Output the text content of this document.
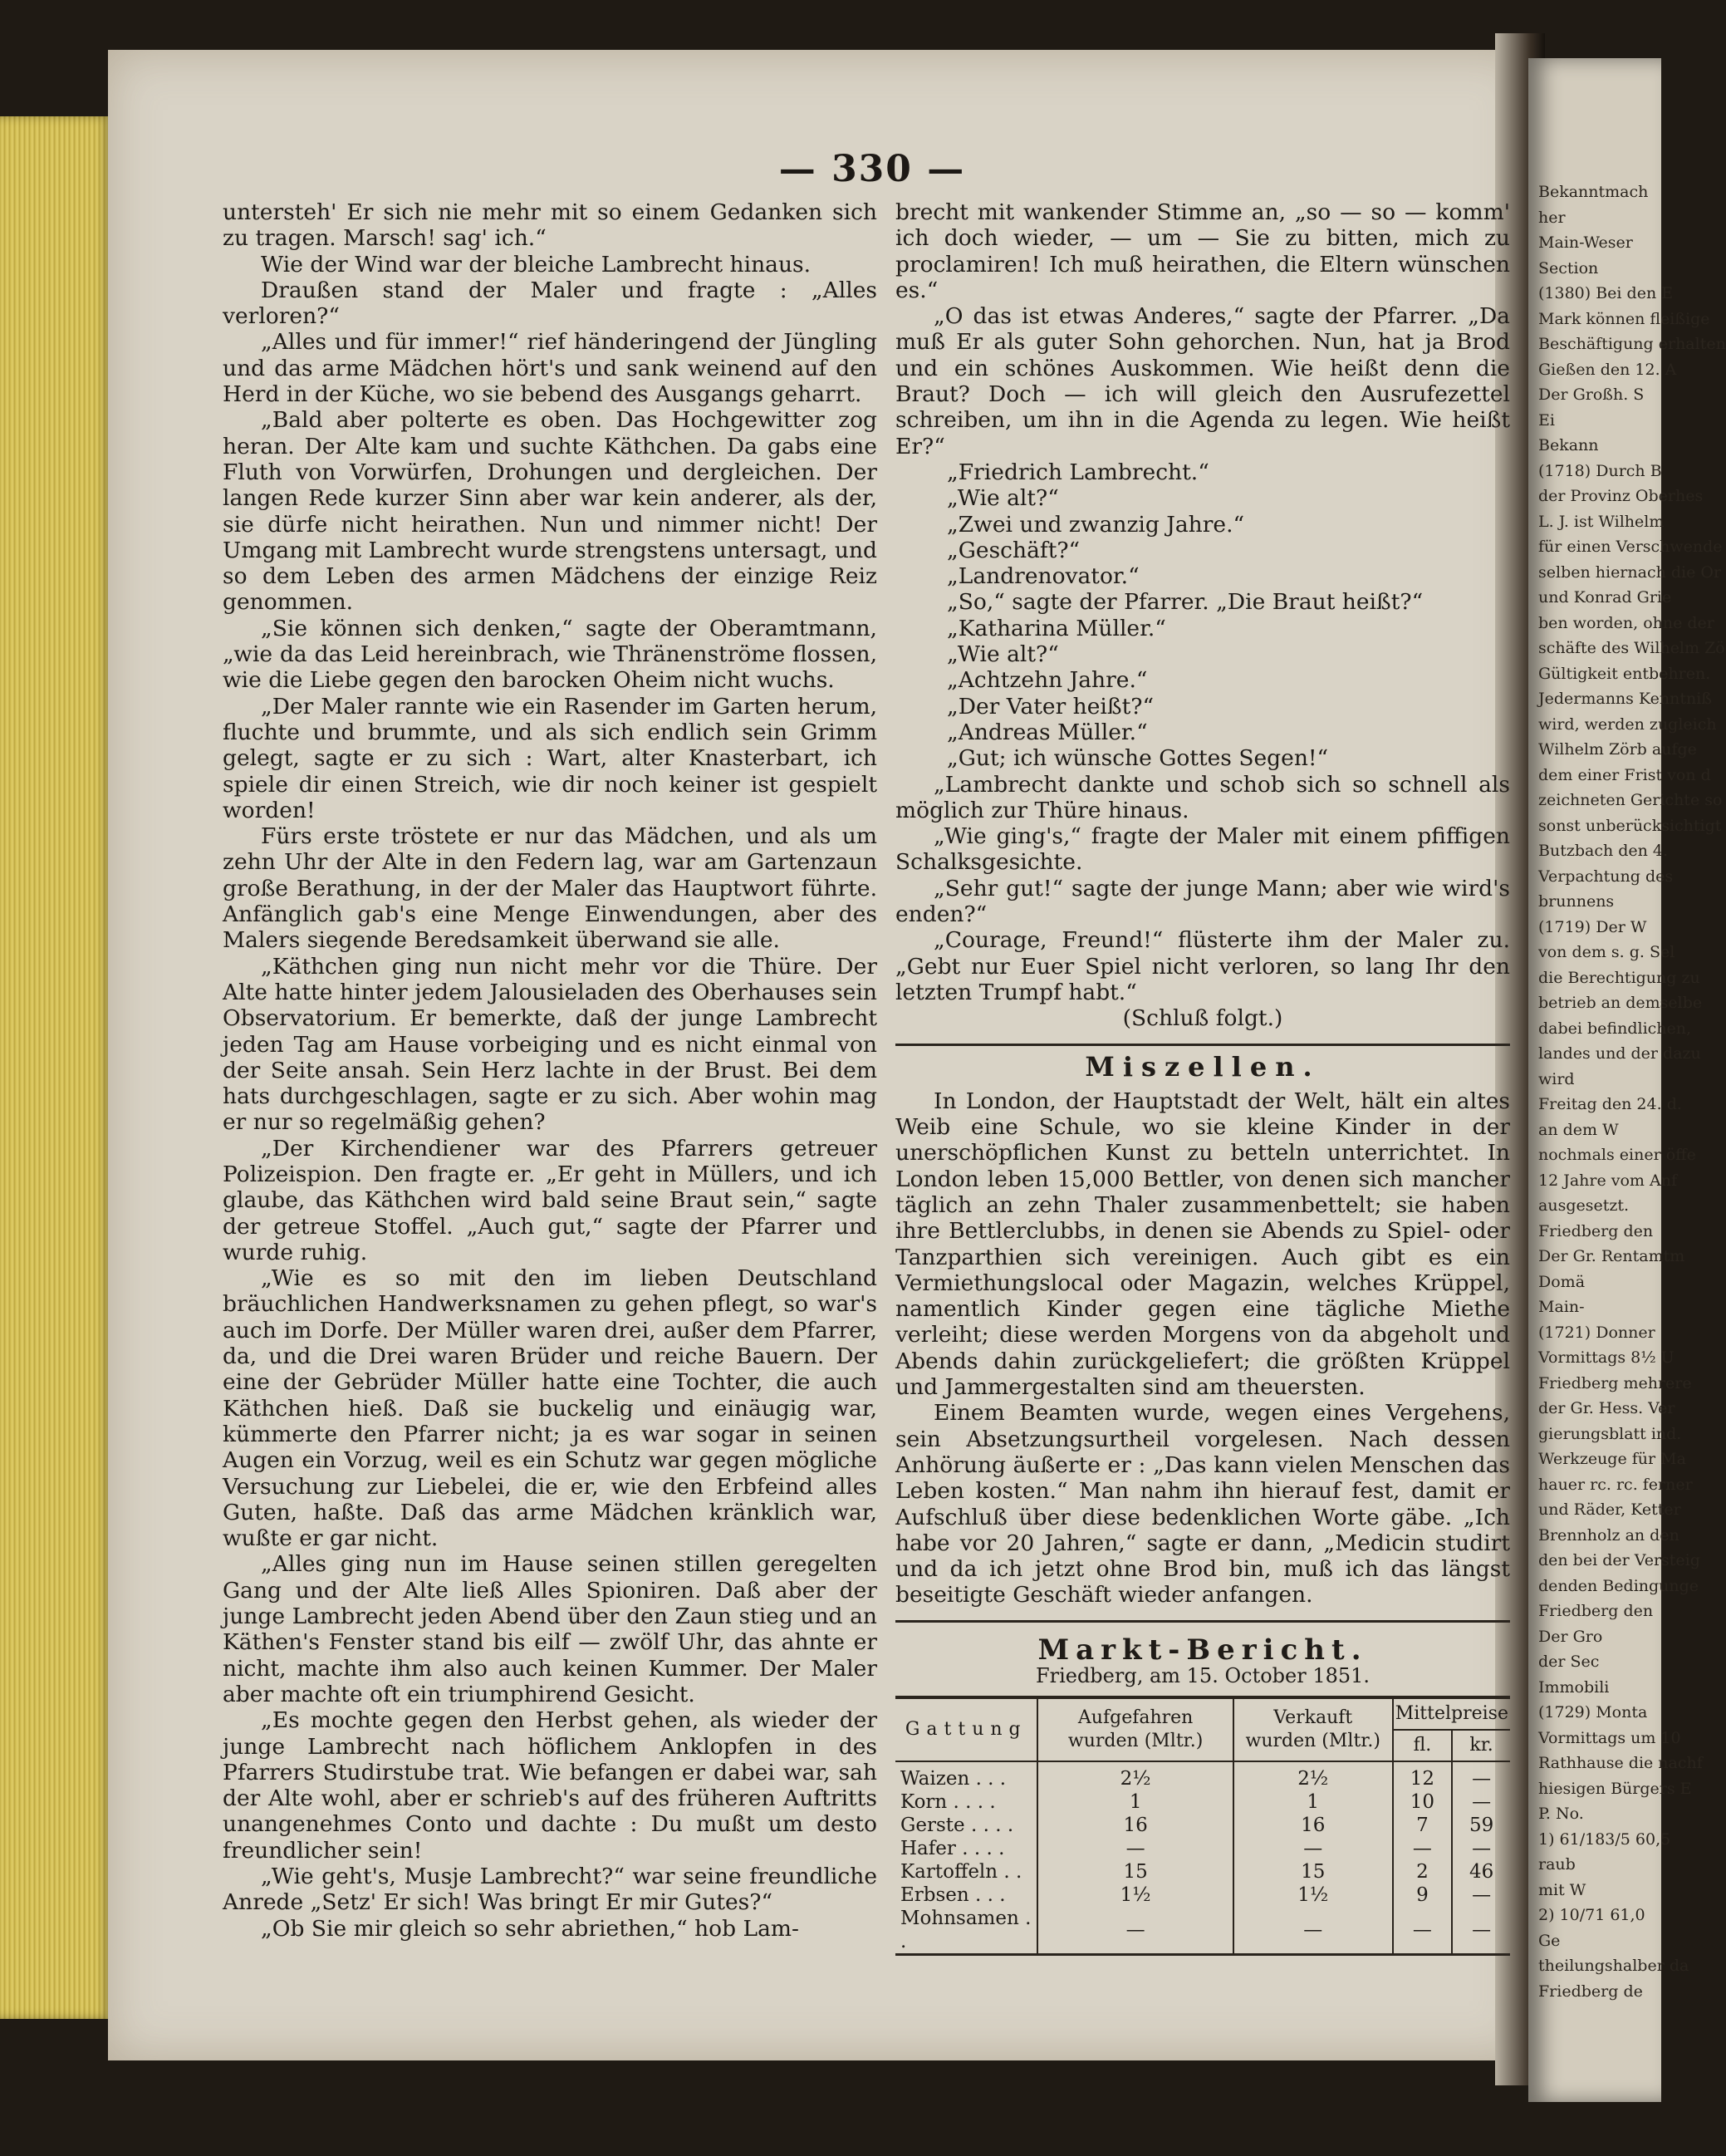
Bekanntmach
her
Main-Weser
Section
(1380) Bei den E
Mark können fleißige
Beschäftigung erhalten
Gießen den 12. A
Der Großh. S
Ei
Bekann
(1718) Durch B
der Provinz Oberhes
L. J. ist Wilhelm
für einen Verschwende
selben hiernach die Or
und Konrad Grie
ben worden, ohne der
schäfte des Wilhelm Zö
Gültigkeit entbehren.
Jedermanns Kenntniß
wird, werden zugleich
Wilhelm Zörb aufge
dem einer Frist von d
zeichneten Gerichte so
sonst unberücksichtigt
Butzbach den 4.
Verpachtung des
brunnens
(1719) Der W
von dem s. g. Sel
die Berechtigung zu
betrieb an demselbe
dabei befindlichen,
landes und der dazu
wird
Freitag den 24. d.
an dem W
nochmals einer öffe
12 Jahre vom Anf
ausgesetzt.
Friedberg den
Der Gr. Rentamtm
Domä
Main-
(1721) Donner
Vormittags 8½ U
Friedberg mehrere
der Gr. Hess. Ver
gierungsblatt ind.
Werkzeuge für Ma
hauer rc. rc. ferner
und Räder, Ketter
Brennholz an den
den bei der Versteig
denden Bedingunge
Friedberg den
Der Gro
der Sec
Immobili
(1729) Monta
Vormittags um 10
Rathhause die nachf
hiesigen Bürgers E
P. No.
1) 61/183/5 60,5
raub
mit W
2) 10/71 61,0
Ge
theilungshalber da
Friedberg de
— 330 —

untersteh' Er sich nie mehr mit so einem Gedanken sich zu tragen. Marsch! sag' ich.“

Wie der Wind war der bleiche Lambrecht hinaus.

Draußen stand der Maler und fragte : „Alles verloren?“

„Alles und für immer!“ rief händeringend der Jüngling und das arme Mädchen hört's und sank weinend auf den Herd in der Küche, wo sie bebend des Ausgangs geharrt.

„Bald aber polterte es oben. Das Hochgewitter zog heran. Der Alte kam und suchte Käthchen. Da gabs eine Fluth von Vorwürfen, Drohungen und dergleichen. Der langen Rede kurzer Sinn aber war kein anderer, als der, sie dürfe nicht heirathen. Nun und nimmer nicht! Der Umgang mit Lambrecht wurde strengstens untersagt, und so dem Leben des armen Mädchens der einzige Reiz genommen.

„Sie können sich denken,“ sagte der Oberamtmann, „wie da das Leid hereinbrach, wie Thränenströme flossen, wie die Liebe gegen den barocken Oheim nicht wuchs.

„Der Maler rannte wie ein Rasender im Garten herum, fluchte und brummte, und als sich endlich sein Grimm gelegt, sagte er zu sich : Wart, alter Knasterbart, ich spiele dir einen Streich, wie dir noch keiner ist gespielt worden!

Fürs erste tröstete er nur das Mädchen, und als um zehn Uhr der Alte in den Federn lag, war am Gartenzaun große Berathung, in der der Maler das Hauptwort führte. Anfänglich gab's eine Menge Einwendungen, aber des Malers siegende Beredsamkeit überwand sie alle.

„Käthchen ging nun nicht mehr vor die Thüre. Der Alte hatte hinter jedem Jalousieladen des Oberhauses sein Observatorium. Er bemerkte, daß der junge Lambrecht jeden Tag am Hause vorbeiging und es nicht einmal von der Seite ansah. Sein Herz lachte in der Brust. Bei dem hats durchgeschlagen, sagte er zu sich. Aber wohin mag er nur so regelmäßig gehen?

„Der Kirchendiener war des Pfarrers getreuer Polizeispion. Den fragte er. „Er geht in Müllers, und ich glaube, das Käthchen wird bald seine Braut sein,“ sagte der getreue Stoffel. „Auch gut,“ sagte der Pfarrer und wurde ruhig.

„Wie es so mit den im lieben Deutschland bräuchlichen Handwerksnamen zu gehen pflegt, so war's auch im Dorfe. Der Müller waren drei, außer dem Pfarrer, da, und die Drei waren Brüder und reiche Bauern. Der eine der Gebrüder Müller hatte eine Tochter, die auch Käthchen hieß. Daß sie buckelig und einäugig war, kümmerte den Pfarrer nicht; ja es war sogar in seinen Augen ein Vorzug, weil es ein Schutz war gegen mögliche Versuchung zur Liebelei, die er, wie den Erbfeind alles Guten, haßte. Daß das arme Mädchen kränklich war, wußte er gar nicht.

„Alles ging nun im Hause seinen stillen geregelten Gang und der Alte ließ Alles Spioniren. Daß aber der junge Lambrecht jeden Abend über den Zaun stieg und an Käthen's Fenster stand bis eilf — zwölf Uhr, das ahnte er nicht, machte ihm also auch keinen Kummer. Der Maler aber machte oft ein triumphirend Gesicht.

„Es mochte gegen den Herbst gehen, als wieder der junge Lambrecht nach höflichem Anklopfen in des Pfarrers Studirstube trat. Wie befangen er dabei war, sah der Alte wohl, aber er schrieb's auf des früheren Auftritts unangenehmes Conto und dachte : Du mußt um desto freundlicher sein!

„Wie geht's, Musje Lambrecht?“ war seine freundliche Anrede „Setz' Er sich! Was bringt Er mir Gutes?“

„Ob Sie mir gleich so sehr abriethen,“ hob Lam-

brecht mit wankender Stimme an, „so — so — komm' ich doch wieder, — um — Sie zu bitten, mich zu proclamiren! Ich muß heirathen, die Eltern wünschen es.“

„O das ist etwas Anderes,“ sagte der Pfarrer. „Da muß Er als guter Sohn gehorchen. Nun, hat ja Brod und ein schönes Auskommen. Wie heißt denn die Braut? Doch — ich will gleich den Ausrufezettel schreiben, um ihn in die Agenda zu legen. Wie heißt Er?“

„Friedrich Lambrecht.“

„Wie alt?“

„Zwei und zwanzig Jahre.“

„Geschäft?“

„Landrenovator.“

„So,“ sagte der Pfarrer. „Die Braut heißt?“

„Katharina Müller.“

„Wie alt?“

„Achtzehn Jahre.“

„Der Vater heißt?“

„Andreas Müller.“

„Gut; ich wünsche Gottes Segen!“

„Lambrecht dankte und schob sich so schnell als möglich zur Thüre hinaus.

„Wie ging's,“ fragte der Maler mit einem pfiffigen Schalksgesichte.

„Sehr gut!“ sagte der junge Mann; aber wie wird's enden?“

„Courage, Freund!“ flüsterte ihm der Maler zu. „Gebt nur Euer Spiel nicht verloren, so lang Ihr den letzten Trumpf habt.“

(Schluß folgt.)

Miszellen.

In London, der Hauptstadt der Welt, hält ein altes Weib eine Schule, wo sie kleine Kinder in der unerschöpflichen Kunst zu betteln unterrichtet. In London leben 15,000 Bettler, von denen sich mancher täglich an zehn Thaler zusammenbettelt; sie haben ihre Bettlerclubbs, in denen sie Abends zu Spiel- oder Tanzparthien sich vereinigen. Auch gibt es ein Vermiethungslocal oder Magazin, welches Krüppel, namentlich Kinder gegen eine tägliche Miethe verleiht; diese werden Morgens von da abgeholt und Abends dahin zurückgeliefert; die größten Krüppel und Jammergestalten sind am theuersten.

Einem Beamten wurde, wegen eines Vergehens, sein Absetzungsurtheil vorgelesen. Nach dessen Anhörung äußerte er : „Das kann vielen Menschen das Leben kosten.“ Man nahm ihn hierauf fest, damit er Aufschluß über diese bedenklichen Worte gäbe. „Ich habe vor 20 Jahren,“ sagte er dann, „Medicin studirt und da ich jetzt ohne Brod bin, muß ich das längst beseitigte Geschäft wieder anfangen.

Markt-Bericht.
Friedberg, am 15. October 1851.
Gattung	Aufgefahren wurden (Mltr.)	Verkauft wurden (Mltr.)	Mittelpreise	
			fl.	kr.
Waizen . . .	2½	2½	12	—
Korn . . . .	1	1	10	—
Gerste . . . .	16	16	7	59
Hafer . . . .	—	—	—	—
Kartoffeln . .	15	15	2	46
Erbsen . . .	1½	1½	9	—
Mohnsamen . .	—	—	—	—
